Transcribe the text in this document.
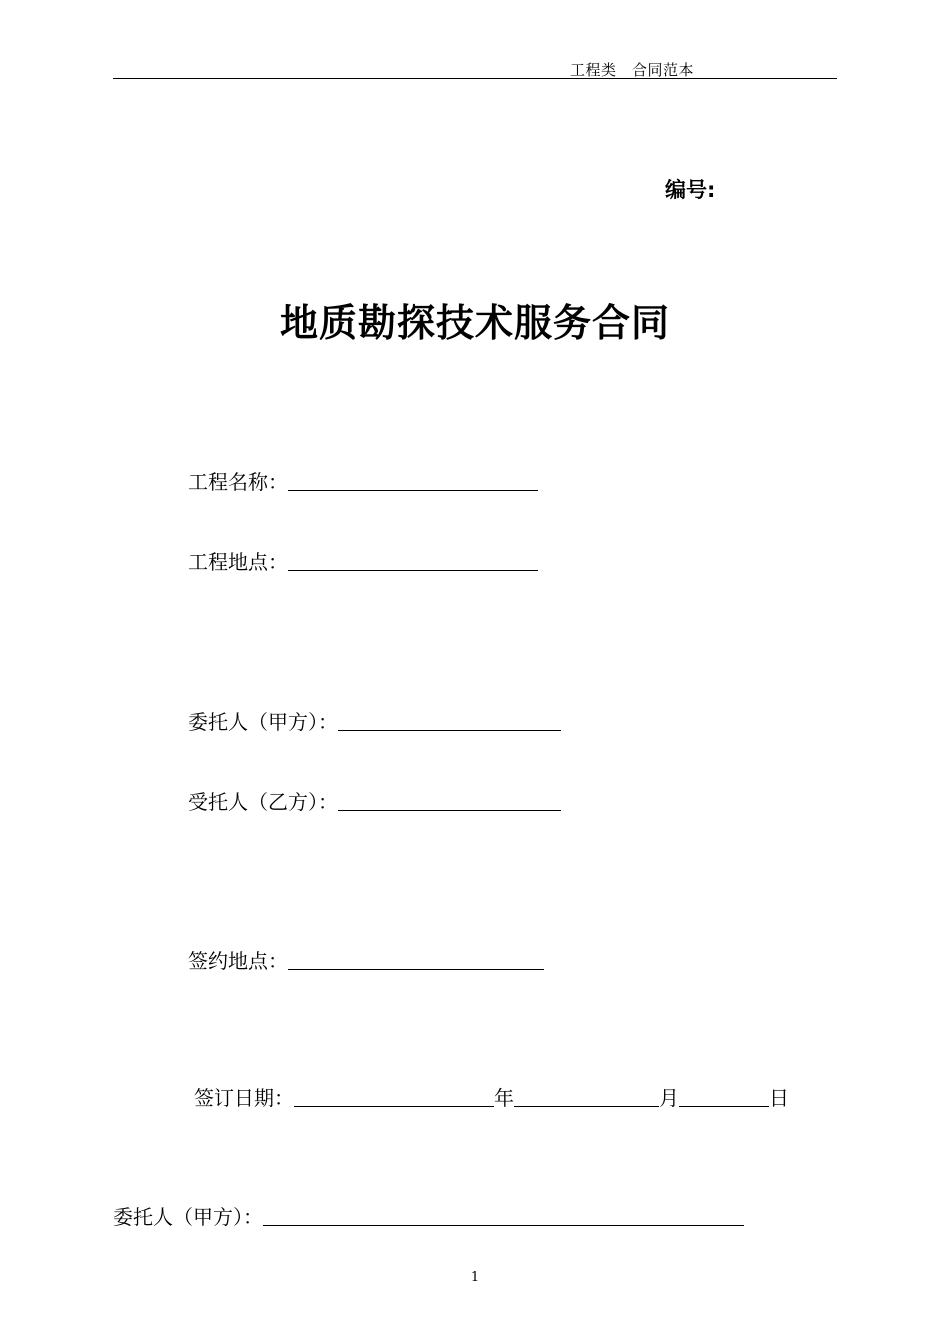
工程类　合同范本
编号:
地质勘探技术服务合同
工程名称：
工程地点：
委托人（甲方）：
受托人（乙方）：
签约地点：
签订日期：	年	月	日
委托人（甲方）：
1
